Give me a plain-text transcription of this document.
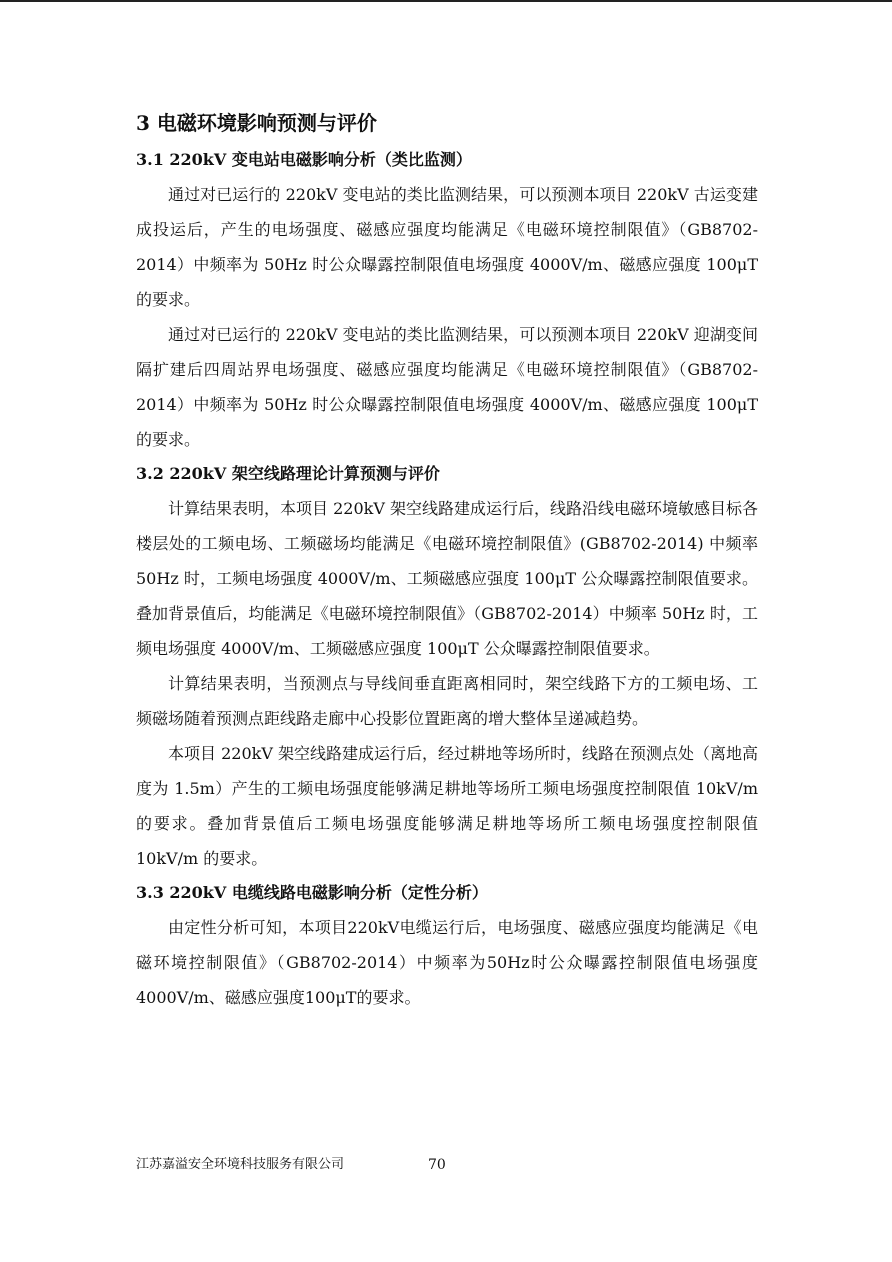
3 电磁环境影响预测与评价
3.1 220kV 变电站电磁影响分析（类比监测）

通过对已运行的 220kV 变电站的类比监测结果，可以预测本项目 220kV 古运变建成投运后，产生的电场强度、磁感应强度均能满足《电磁环境控制限值》（GB8702-2014）中频率为 50Hz 时公众曝露控制限值电场强度 4000V/m、磁感应强度 100μT 的要求。

通过对已运行的 220kV 变电站的类比监测结果，可以预测本项目 220kV 迎湖变间隔扩建后四周站界电场强度、磁感应强度均能满足《电磁环境控制限值》（GB8702-2014）中频率为 50Hz 时公众曝露控制限值电场强度 4000V/m、磁感应强度 100μT 的要求。

3.2 220kV 架空线路理论计算预测与评价

计算结果表明，本项目 220kV 架空线路建成运行后，线路沿线电磁环境敏感目标各楼层处的工频电场、工频磁场均能满足《电磁环境控制限值》(GB8702-2014) 中频率 50Hz 时，工频电场强度 4000V/m、工频磁感应强度 100μT 公众曝露控制限值要求。叠加背景值后，均能满足《电磁环境控制限值》（GB8702-2014）中频率 50Hz 时，工频电场强度 4000V/m、工频磁感应强度 100μT 公众曝露控制限值要求。

计算结果表明，当预测点与导线间垂直距离相同时，架空线路下方的工频电场、工频磁场随着预测点距线路走廊中心投影位置距离的增大整体呈递减趋势。

本项目 220kV 架空线路建成运行后，经过耕地等场所时，线路在预测点处（离地高度为 1.5m）产生的工频电场强度能够满足耕地等场所工频电场强度控制限值 10kV/m 的要求。叠加背景值后工频电场强度能够满足耕地等场所工频电场强度控制限值 10kV/m 的要求。

3.3 220kV 电缆线路电磁影响分析（定性分析）

由定性分析可知，本项目220kV电缆运行后，电场强度、磁感应强度均能满足《电磁环境控制限值》（GB8702-2014）中频率为50Hz时公众曝露控制限值电场强度4000V/m、磁感应强度100μT的要求。

江苏嘉溢安全环境科技服务有限公司	70
